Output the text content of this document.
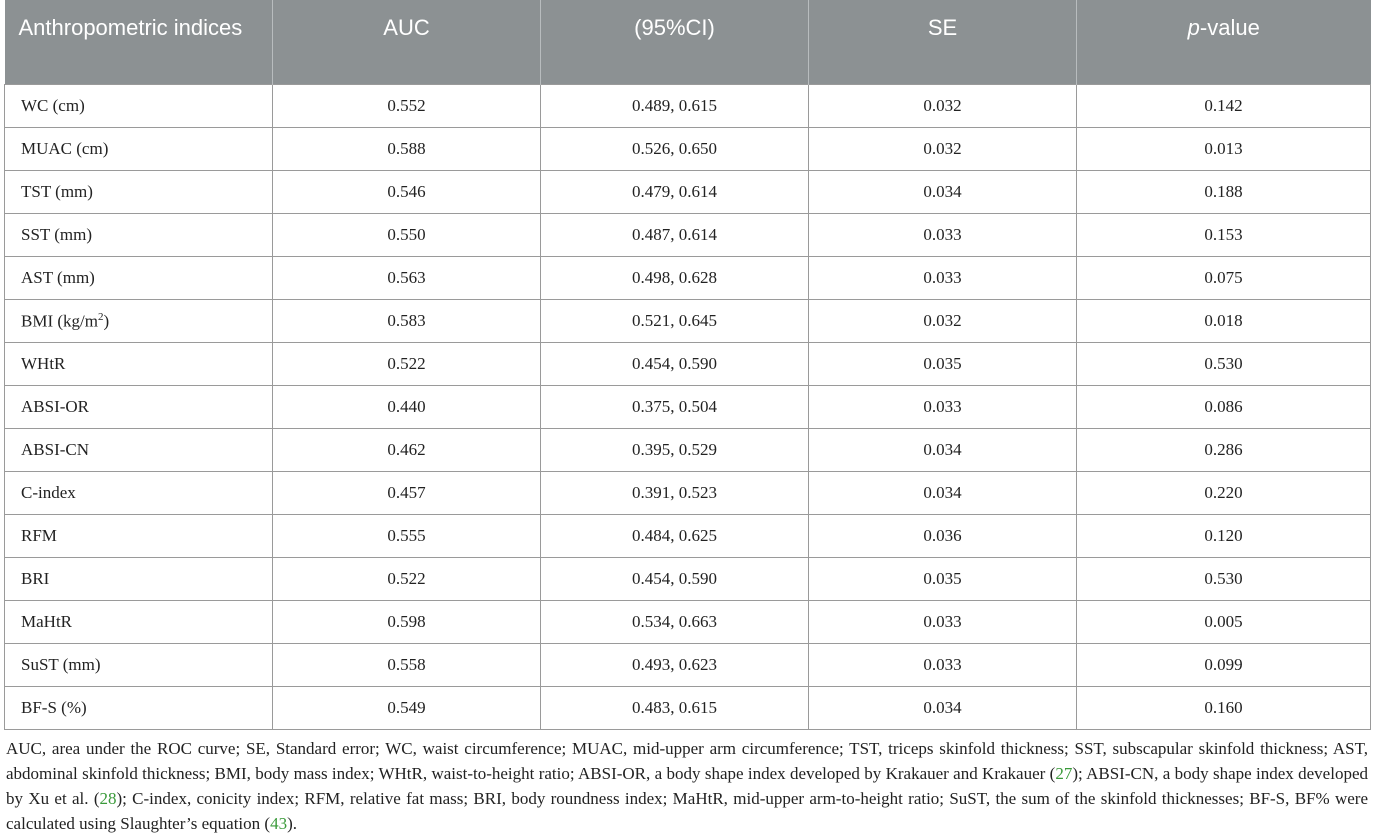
Anthropometric indices	AUC	(95%CI)	SE	p-value
WC (cm)	0.552	0.489, 0.615	0.032	0.142
MUAC (cm)	0.588	0.526, 0.650	0.032	0.013
TST (mm)	0.546	0.479, 0.614	0.034	0.188
SST (mm)	0.550	0.487, 0.614	0.033	0.153
AST (mm)	0.563	0.498, 0.628	0.033	0.075
BMI $(kg/m^2)$	0.583	0.521, 0.645	0.032	0.018
WHtR	0.522	0.454, 0.590	0.035	0.530
ABSI-OR	0.440	0.375, 0.504	0.033	0.086
ABSI-CN	0.462	0.395, 0.529	0.034	0.286
C-index	0.457	0.391, 0.523	0.034	0.220
RFM	0.555	0.484, 0.625	0.036	0.120
BRI	0.522	0.454, 0.590	0.035	0.530
MaHtR	0.598	0.534, 0.663	0.033	0.005
SuST (mm)	0.558	0.493, 0.623	0.033	0.099
BF-S (%)	0.549	0.483, 0.615	0.034	0.160
AUC, area under the ROC curve; SE, Standard error; WC, waist circumference; MUAC, mid-upper arm circumference; TST, triceps skinfold thickness; SST, subscapular skinfold thickness; AST, abdominal skinfold thickness; BMI, body mass index; WHtR, waist-to-height ratio; ABSI-OR, a body shape index developed by Krakauer and Krakauer (27); ABSI-CN, a body shape index developed by Xu et al. (28); C-index, conicity index; RFM, relative fat mass; BRI, body roundness index; MaHtR, mid-upper arm-to-height ratio; SuST, the sum of the skinfold thicknesses; BF-S, BF% were calculated using Slaughter’s equation (43).
